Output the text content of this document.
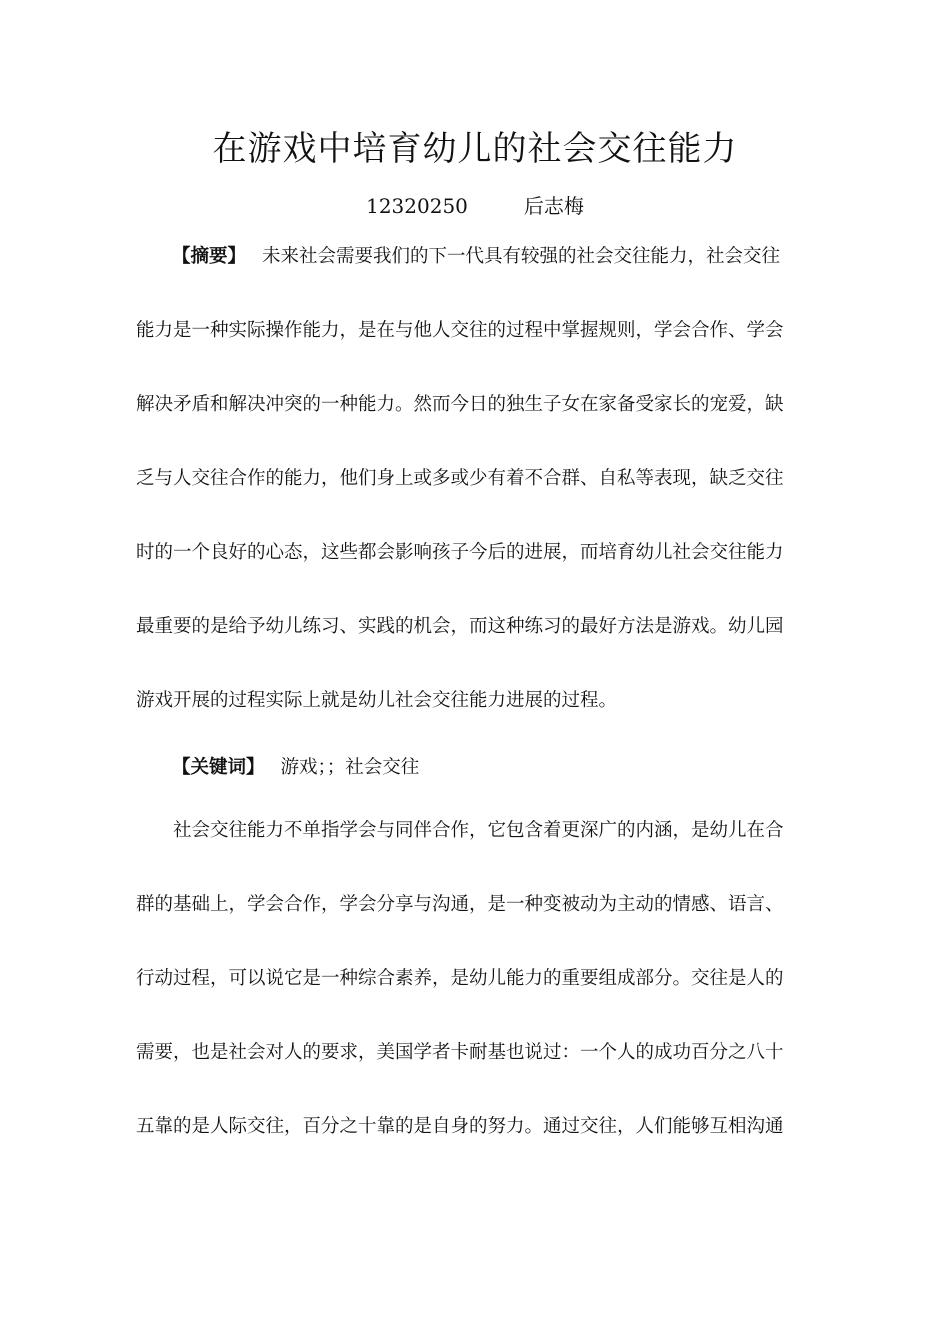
在游戏中培育幼儿的社会交往能力
12320250	后志梅
【摘要】 未来社会需要我们的下一代具有较强的社会交往能力，社会交往
能力是一种实际操作能力，是在与他人交往的过程中掌握规则，学会合作、学会
解决矛盾和解决冲突的一种能力。然而今日的独生子女在家备受家长的宠爱，缺
乏与人交往合作的能力，他们身上或多或少有着不合群、自私等表现，缺乏交往
时的一个良好的心态，这些都会影响孩子今后的进展，而培育幼儿社会交往能力
最重要的是给予幼儿练习、实践的机会，而这种练习的最好方法是游戏。幼儿园
游戏开展的过程实际上就是幼儿社会交往能力进展的过程。
【关键词】 游戏；；社会交往
社会交往能力不单指学会与同伴合作，它包含着更深广的内涵，是幼儿在合
群的基础上，学会合作，学会分享与沟通，是一种变被动为主动的情感、语言、
行动过程，可以说它是一种综合素养，是幼儿能力的重要组成部分。交往是人的
需要，也是社会对人的要求，美国学者卡耐基也说过：一个人的成功百分之八十
五靠的是人际交往，百分之十靠的是自身的努力。通过交往，人们能够互相沟通
